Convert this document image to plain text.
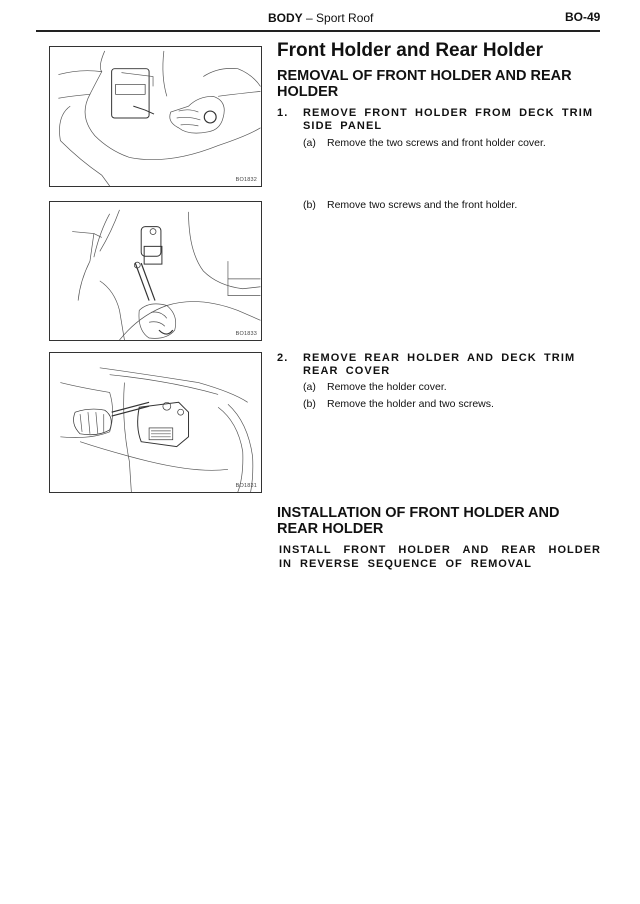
BODY – Sport Roof	BO-49
BO1832
BO1833
BO1831
Front Holder and Rear Holder
REMOVAL OF FRONT HOLDER AND REAR HOLDER
1. REMOVE FRONT HOLDER FROM DECK TRIM SIDE PANEL
(a) Remove the two screws and front holder cover.
(b) Remove two screws and the front holder.
2. REMOVE REAR HOLDER AND DECK TRIM REAR COVER
(a) Remove the holder cover.
(b) Remove the holder and two screws.
INSTALLATION OF FRONT HOLDER AND REAR HOLDER
INSTALL FRONT HOLDER AND REAR HOLDER IN REVERSE SEQUENCE OF REMOVAL
